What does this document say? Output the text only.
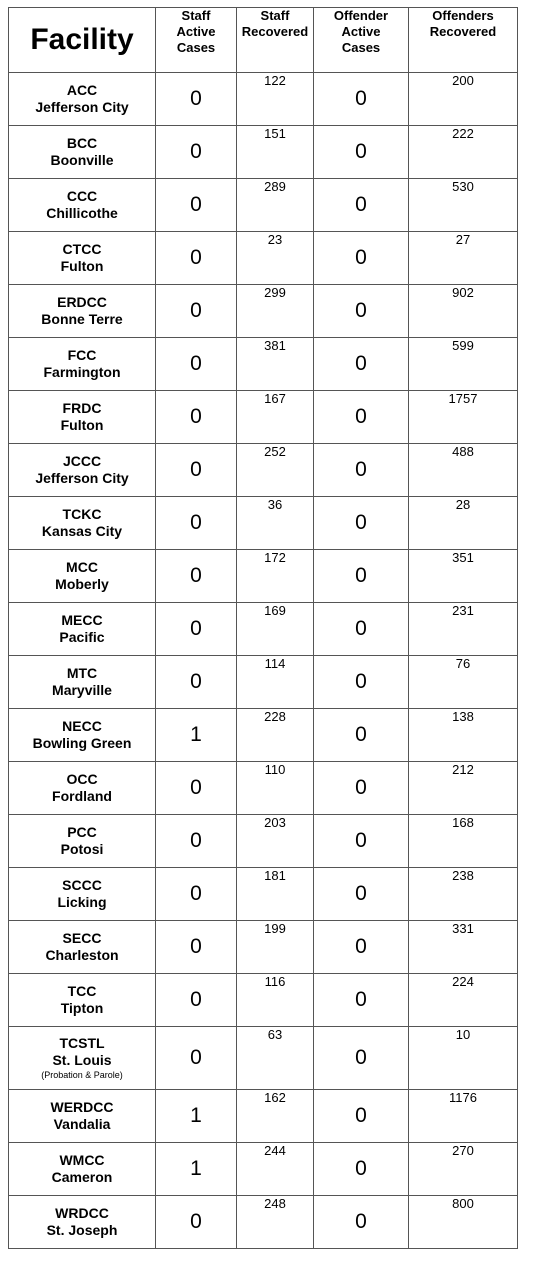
Facility	Staff
Active
Cases	Staff
Recovered	Offender
Active
Cases	Offenders
Recovered

ACC
Jefferson City	0	122	0	200

BCC
Boonville	0	151	0	222

CCC
Chillicothe	0	289	0	530

CTCC
Fulton	0	23	0	27

ERDCC
Bonne Terre	0	299	0	902

FCC
Farmington	0	381	0	599

FRDC
Fulton	0	167	0	1757

JCCC
Jefferson City	0	252	0	488

TCKC
Kansas City	0	36	0	28

MCC
Moberly	0	172	0	351

MECC
Pacific	0	169	0	231

MTC
Maryville	0	114	0	76

NECC
Bowling Green	1	228	0	138

OCC
Fordland	0	110	0	212

PCC
Potosi	0	203	0	168

SCCC
Licking	0	181	0	238

SECC
Charleston	0	199	0	331

TCC
Tipton	0	116	0	224

TCSTL
St. Louis
(Probation & Parole)	0	63	0	10

WERDCC
Vandalia	1	162	0	1176

WMCC
Cameron	1	244	0	270

WRDCC
St. Joseph	0	248	0	800
